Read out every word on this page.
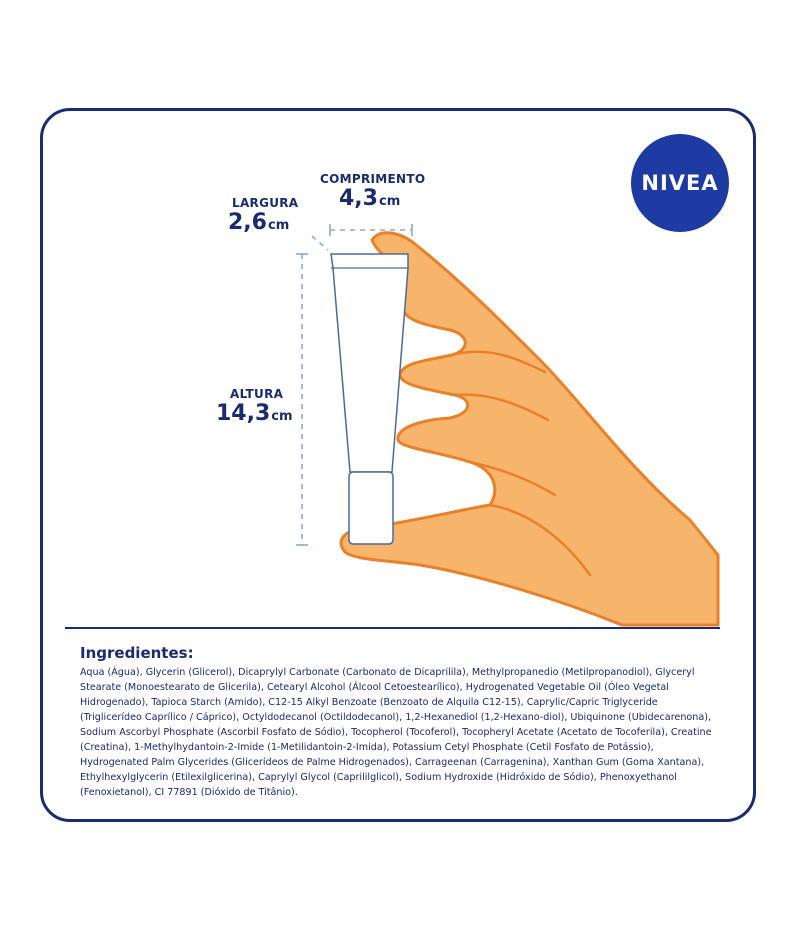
NIVEA
COMPRIMENTO
4,3cm
LARGURA
2,6cm
ALTURA
14,3cm

Ingredientes:

Aqua (Água), Glycerin (Glicerol), Dicaprylyl Carbonate (Carbonato de Dicaprilila), Methylpropanedio (Metilpropanodiol), Glyceryl Stearate (Monoestearato de Glicerila), Cetearyl Alcohol (Álcool Cetoestearílico), Hydrogenated Vegetable Oil (Óleo Vegetal Hidrogenado), Tapioca Starch (Amido), C12-15 Alkyl Benzoate (Benzoato de Alquila C12-15), Caprylic/Capric Triglyceride (Triglicerídeo Caprílico / Cáprico), Octyldodecanol (Octildodecanol), 1,2-Hexanediol (1,2-Hexano-diol), Ubiquinone (Ubidecarenona), Sodium Ascorbyl Phosphate (Ascorbil Fosfato de Sódio), Tocopherol (Tocoferol), Tocopheryl Acetate (Acetato de Tocoferila), Creatine (Creatina), 1-Methylhydantoin-2-Imide (1-Metilidantoin-2-Imida), Potassium Cetyl Phosphate (Cetil Fosfato de Potássio), Hydrogenated Palm Glycerides (Glicerídeos de Palme Hidrogenados), Carrageenan (Carragenina), Xanthan Gum (Goma Xantana), Ethylhexylglycerin (Etilexilglicerina), Caprylyl Glycol (Caprililglicol), Sodium Hydroxide (Hidróxido de Sódio), Phenoxyethanol (Fenoxietanol), CI 77891 (Dióxido de Titânio).
